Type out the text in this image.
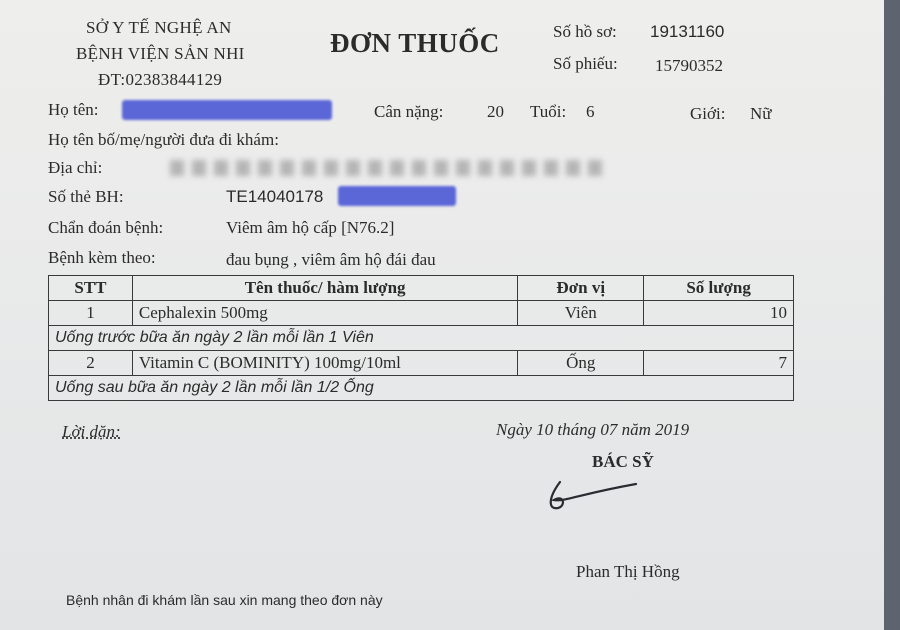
SỞ Y TẾ NGHỆ AN
BỆNH VIỆN SẢN NHI
ĐT:02383844129
ĐƠN THUỐC	Số hồ sơ: 19131160
Số phiếu: 15790352
Họ tên:	Cân nặng:	20 Tuổi: 6	Giới: Nữ
Họ tên bố/mẹ/người đưa đi khám:
Địa chỉ:
Số thẻ BH:	TE14040178
Chẩn đoán bệnh:	Viêm âm hộ cấp [N76.2]
Bệnh kèm theo:	đau bụng , viêm âm hộ đái đau
STT	Tên thuốc/ hàm lượng	Đơn vị	Số lượng
1	Cephalexin 500mg	Viên	10
Uống trước bữa ăn ngày 2 lần mỗi lần 1 Viên			
2	Vitamin C (BOMINITY) 100mg/10ml	Ống	7
Uống sau bữa ăn ngày 2 lần mỗi lần 1/2 Ống			
Lời dặn:	Ngày 10 tháng 07 năm 2019
BÁC SỸ
Phan Thị Hồng
Bệnh nhân đi khám lần sau xin mang theo đơn này
